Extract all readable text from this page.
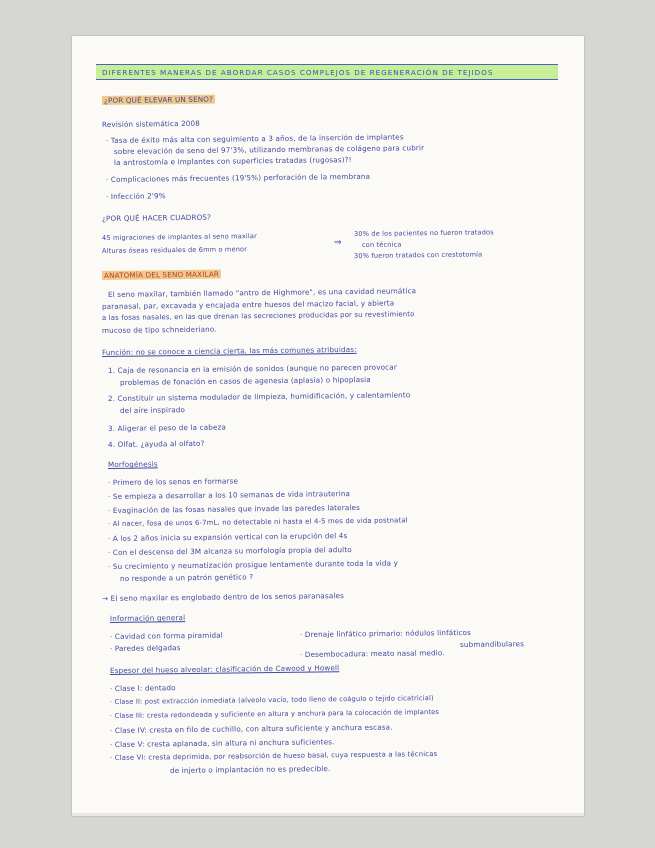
DIFERENTES MANERAS DE ABORDAR CASOS COMPLEJOS DE REGENERACIÓN DE TEJIDOS
¿POR QUÉ ELEVAR UN SENO?
Revisión sistemática 2008
· Tasa de éxito más alta con seguimiento a 3 años, de la inserción de implantes
sobre elevación de seno del 97'3%, utilizando membranas de colágeno para cubrir
la antrostomía e implantes con superficies tratadas (rugosas)?!
· Complicaciones más frecuentes (19'5%) perforación de la membrana
· Infección 2'9%
¿POR QUÉ HACER CUADROS?
45 migraciones de implantes al seno maxilar
Alturas óseas residuales de 6mm o menor
⇒
30% de los pacientes no fueron tratados
con técnica
30% fueron tratados con crestotomía
ANATOMÍA DEL SENO MAXILAR
El seno maxilar, también llamado "antro de Highmore", es una cavidad neumática
paranasal, par, excavada y encajada entre huesos del macizo facial, y abierta
a las fosas nasales, en las que drenan las secreciones producidas por su revestimiento
mucoso de tipo schneideriano.
Función: no se conoce a ciencia cierta, las más comunes atribuidas:
1. Caja de resonancia en la emisión de sonidos (aunque no parecen provocar
problemas de fonación en casos de agenesia (aplasia) o hipoplasia
2. Constituir un sistema modulador de limpieza, humidificación, y calentamiento
del aire inspirado
3. Aligerar el peso de la cabeza
4. Olfat. ¿ayuda al olfato?
Morfogénesis
· Primero de los senos en formarse
· Se empieza a desarrollar a los 10 semanas de vida intrauterina
· Evaginación de las fosas nasales que invade las paredes laterales
· Al nacer, fosa de unos 6-7mL, no detectable ni hasta el 4-5 mes de vida postnatal
· A los 2 años inicia su expansión vertical con la erupción del 4s
· Con el descenso del 3M alcanza su morfología propia del adulto
· Su crecimiento y neumatización prosigue lentamente durante toda la vida y
no responde a un patrón genético ?
→ El seno maxilar es englobado dentro de los senos paranasales
Información general
· Cavidad con forma piramidal
· Paredes delgadas
· Drenaje linfático primario: nódulos linfáticos
submandibulares
· Desembocadura: meato nasal medio.
Espesor del hueso alveolar: clasificación de Cawood y Howell
· Clase I: dentado
· Clase II: post extracción inmediata (alveolo vacío, todo lleno de coágulo o tejido cicatricial)
· Clase III: cresta redondeada y suficiente en altura y anchura para la colocación de implantes
· Clase IV: cresta en filo de cuchillo, con altura suficiente y anchura escasa.
· Clase V: cresta aplanada, sin altura ni anchura suficientes.
· Clase VI: cresta deprimida, por reabsorción de hueso basal, cuya respuesta a las técnicas
de injerto o implantación no es predecible.
